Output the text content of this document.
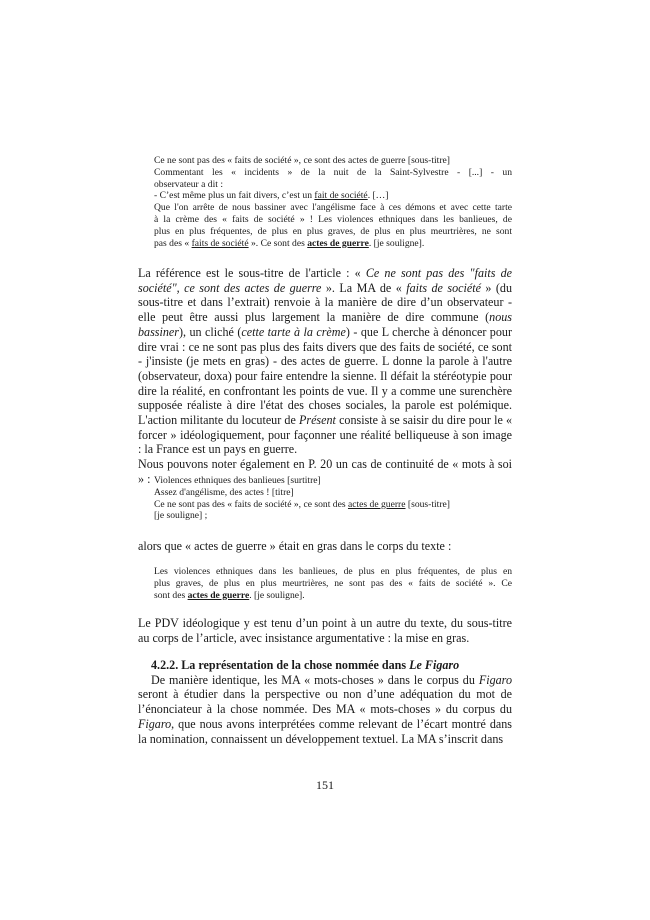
Ce ne sont pas des « faits de société », ce sont des actes de guerre [sous-titre]

Commentant les « incidents » de la nuit de la Saint-Sylvestre - [...] - un

observateur a dit :

- C’est même plus un fait divers, c’est un fait de société. […]

Que l'on arrête de nous bassiner avec l'angélisme face à ces démons et avec cette tarte

à la crème des « faits de société » ! Les violences ethniques dans les banlieues, de

plus en plus fréquentes, de plus en plus graves, de plus en plus meurtrières, ne sont

pas des « faits de société ». Ce sont des actes de guerre. [je souligne].

La référence est le sous-titre de l'article : « Ce ne sont pas des "faits de société", ce sont des actes de guerre ». La MA de « faits de société » (du sous-titre et dans l’extrait) renvoie à la manière de dire d’un observateur - elle peut être aussi plus largement la manière de dire commune (nous bassiner), un cliché (cette tarte à la crème) - que L cherche à dénoncer pour dire vrai : ce ne sont pas plus des faits divers que des faits de société, ce sont - j'insiste (je mets en gras) - des actes de guerre. L donne la parole à l'autre (observateur, doxa) pour faire entendre la sienne. Il défait la stéréotypie pour dire la réalité, en confrontant les points de vue. Il y a comme une surenchère supposée réaliste à dire l'état des choses sociales, la parole est polémique. L'action militante du locuteur de Présent consiste à se saisir du dire pour le « forcer » idéologiquement, pour façonner une réalité belliqueuse à son image : la France est un pays en guerre.

Nous pouvons noter également en P. 20 un cas de continuité de « mots à soi » : Violences ethniques des banlieues [surtitre]

Assez d'angélisme, des actes ! [titre]

Ce ne sont pas des « faits de société », ce sont des actes de guerre [sous-titre]

[je souligne] ;

alors que « actes de guerre » était en gras dans le corps du texte :

Les violences ethniques dans les banlieues, de plus en plus fréquentes, de plus en

plus graves, de plus en plus meurtrières, ne sont pas des « faits de société ». Ce

sont des actes de guerre. [je souligne].

Le PDV idéologique y est tenu d’un point à un autre du texte, du sous-titre au corps de l’article, avec insistance argumentative : la mise en gras.

4.2.2. La représentation de la chose nommée dans Le Figaro

De manière identique, les MA « mots-choses » dans le corpus du Figaro seront à étudier dans la perspective ou non d’une adéquation du mot de l’énonciateur à la chose nommée. Des MA « mots-choses » du corpus du Figaro, que nous avons interprétées comme relevant de l’écart montré dans la nomination, connaissent un développement textuel. La MA s’inscrit dans

151
